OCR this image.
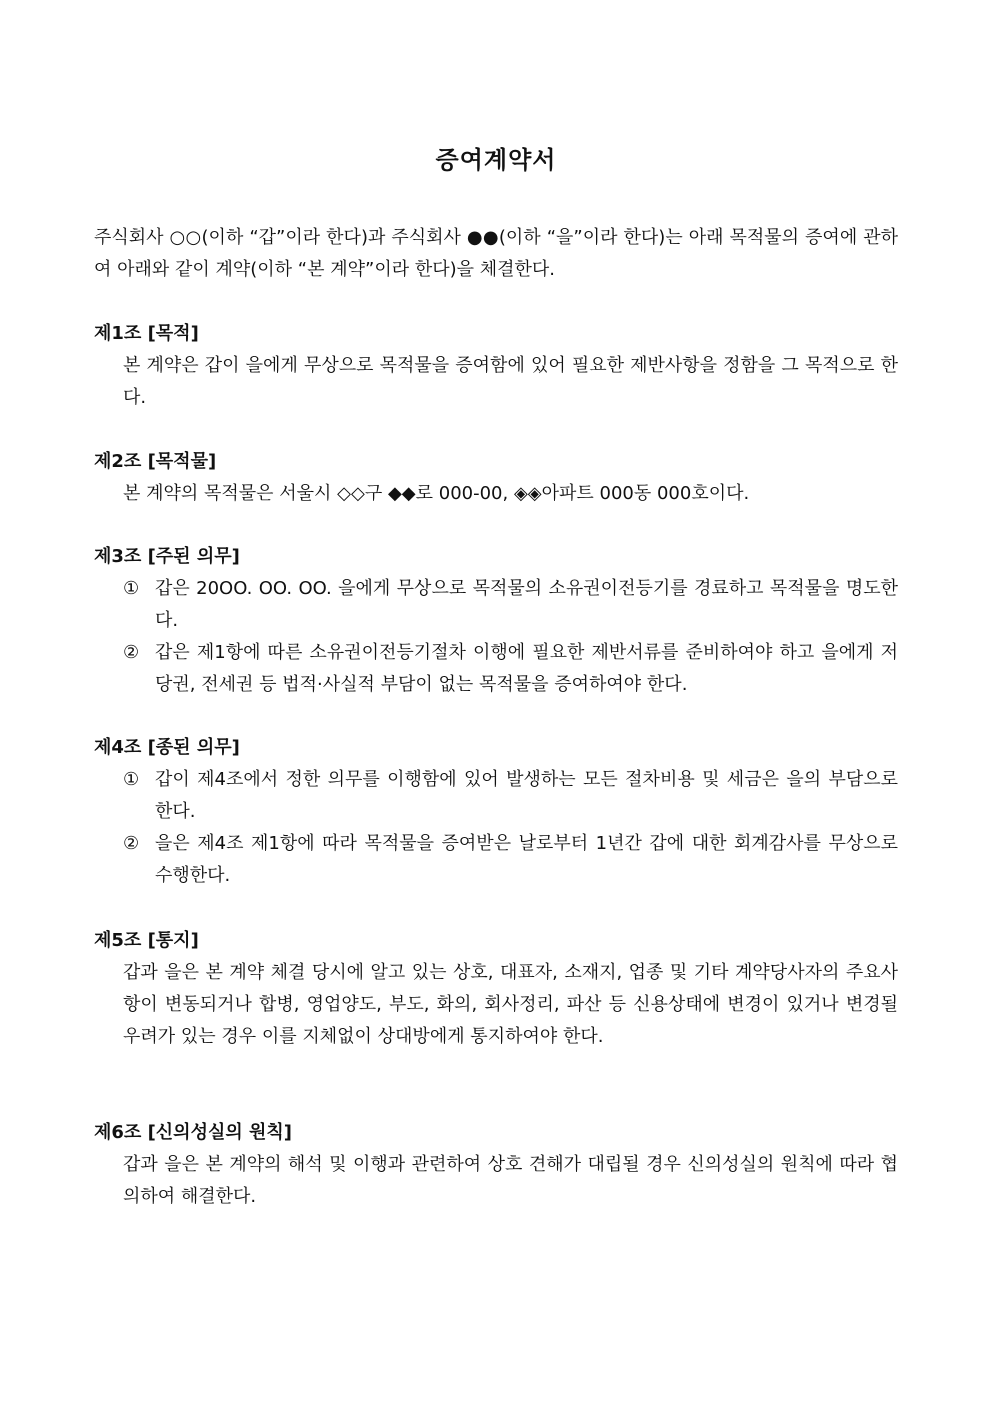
증여계약서
주식회사 ○○(이하 “갑”이라 한다)과 주식회사 ●●(이하 “을”이라 한다)는 아래 목적물의 증여에 관하여 아래와 같이 계약(이하 “본 계약”이라 한다)을 체결한다.
제1조 [목적]
본 계약은 갑이 을에게 무상으로 목적물을 증여함에 있어 필요한 제반사항을 정함을 그 목적으로 한다.
제2조 [목적물]
본 계약의 목적물은 서울시 ◇◇구 ◆◆로 000-00, ◈◈아파트 000동 000호이다.
제3조 [주된 의무]
① 갑은 20OO. OO. OO. 을에게 무상으로 목적물의 소유권이전등기를 경료하고 목적물을 명도한다.
② 갑은 제1항에 따른 소유권이전등기절차 이행에 필요한 제반서류를 준비하여야 하고 을에게 저당권, 전세권 등 법적·사실적 부담이 없는 목적물을 증여하여야 한다.
제4조 [종된 의무]
① 갑이 제4조에서 정한 의무를 이행함에 있어 발생하는 모든 절차비용 및 세금은 을의 부담으로 한다.
② 을은 제4조 제1항에 따라 목적물을 증여받은 날로부터 1년간 갑에 대한 회계감사를 무상으로 수행한다.
제5조 [통지]
갑과 을은 본 계약 체결 당시에 알고 있는 상호, 대표자, 소재지, 업종 및 기타 계약당사자의 주요사항이 변동되거나 합병, 영업양도, 부도, 화의, 회사정리, 파산 등 신용상태에 변경이 있거나 변경될 우려가 있는 경우 이를 지체없이 상대방에게 통지하여야 한다.
제6조 [신의성실의 원칙]
갑과 을은 본 계약의 해석 및 이행과 관련하여 상호 견해가 대립될 경우 신의성실의 원칙에 따라 협의하여 해결한다.
